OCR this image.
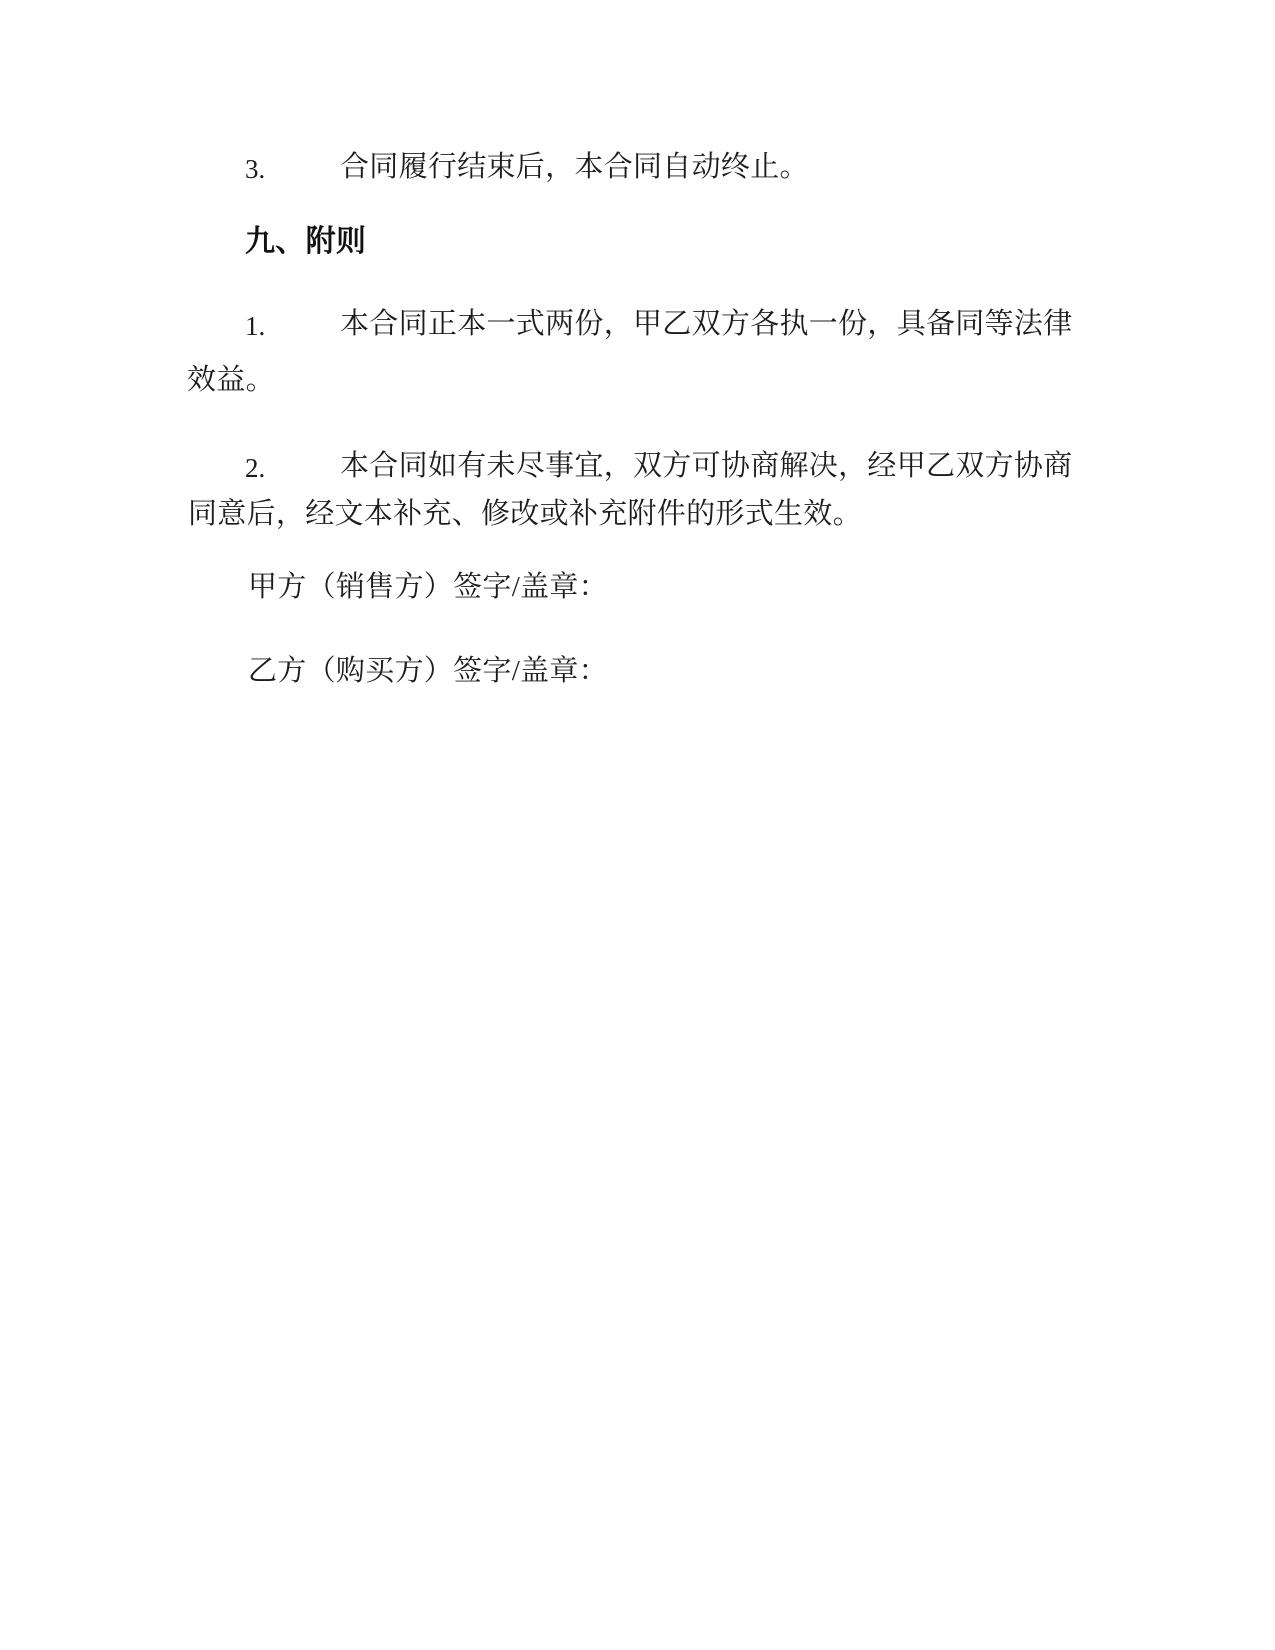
3.	合同履行结束后，本合同自动终止。
九、附则
1.	本合同正本一式两份，甲乙双方各执一份，具备同等法律
效益。
2.	本合同如有未尽事宜，双方可协商解决，经甲乙双方协商
同意后，经文本补充、修改或补充附件的形式生效。
甲方（销售方）签字/盖章：
乙方（购买方）签字/盖章：
